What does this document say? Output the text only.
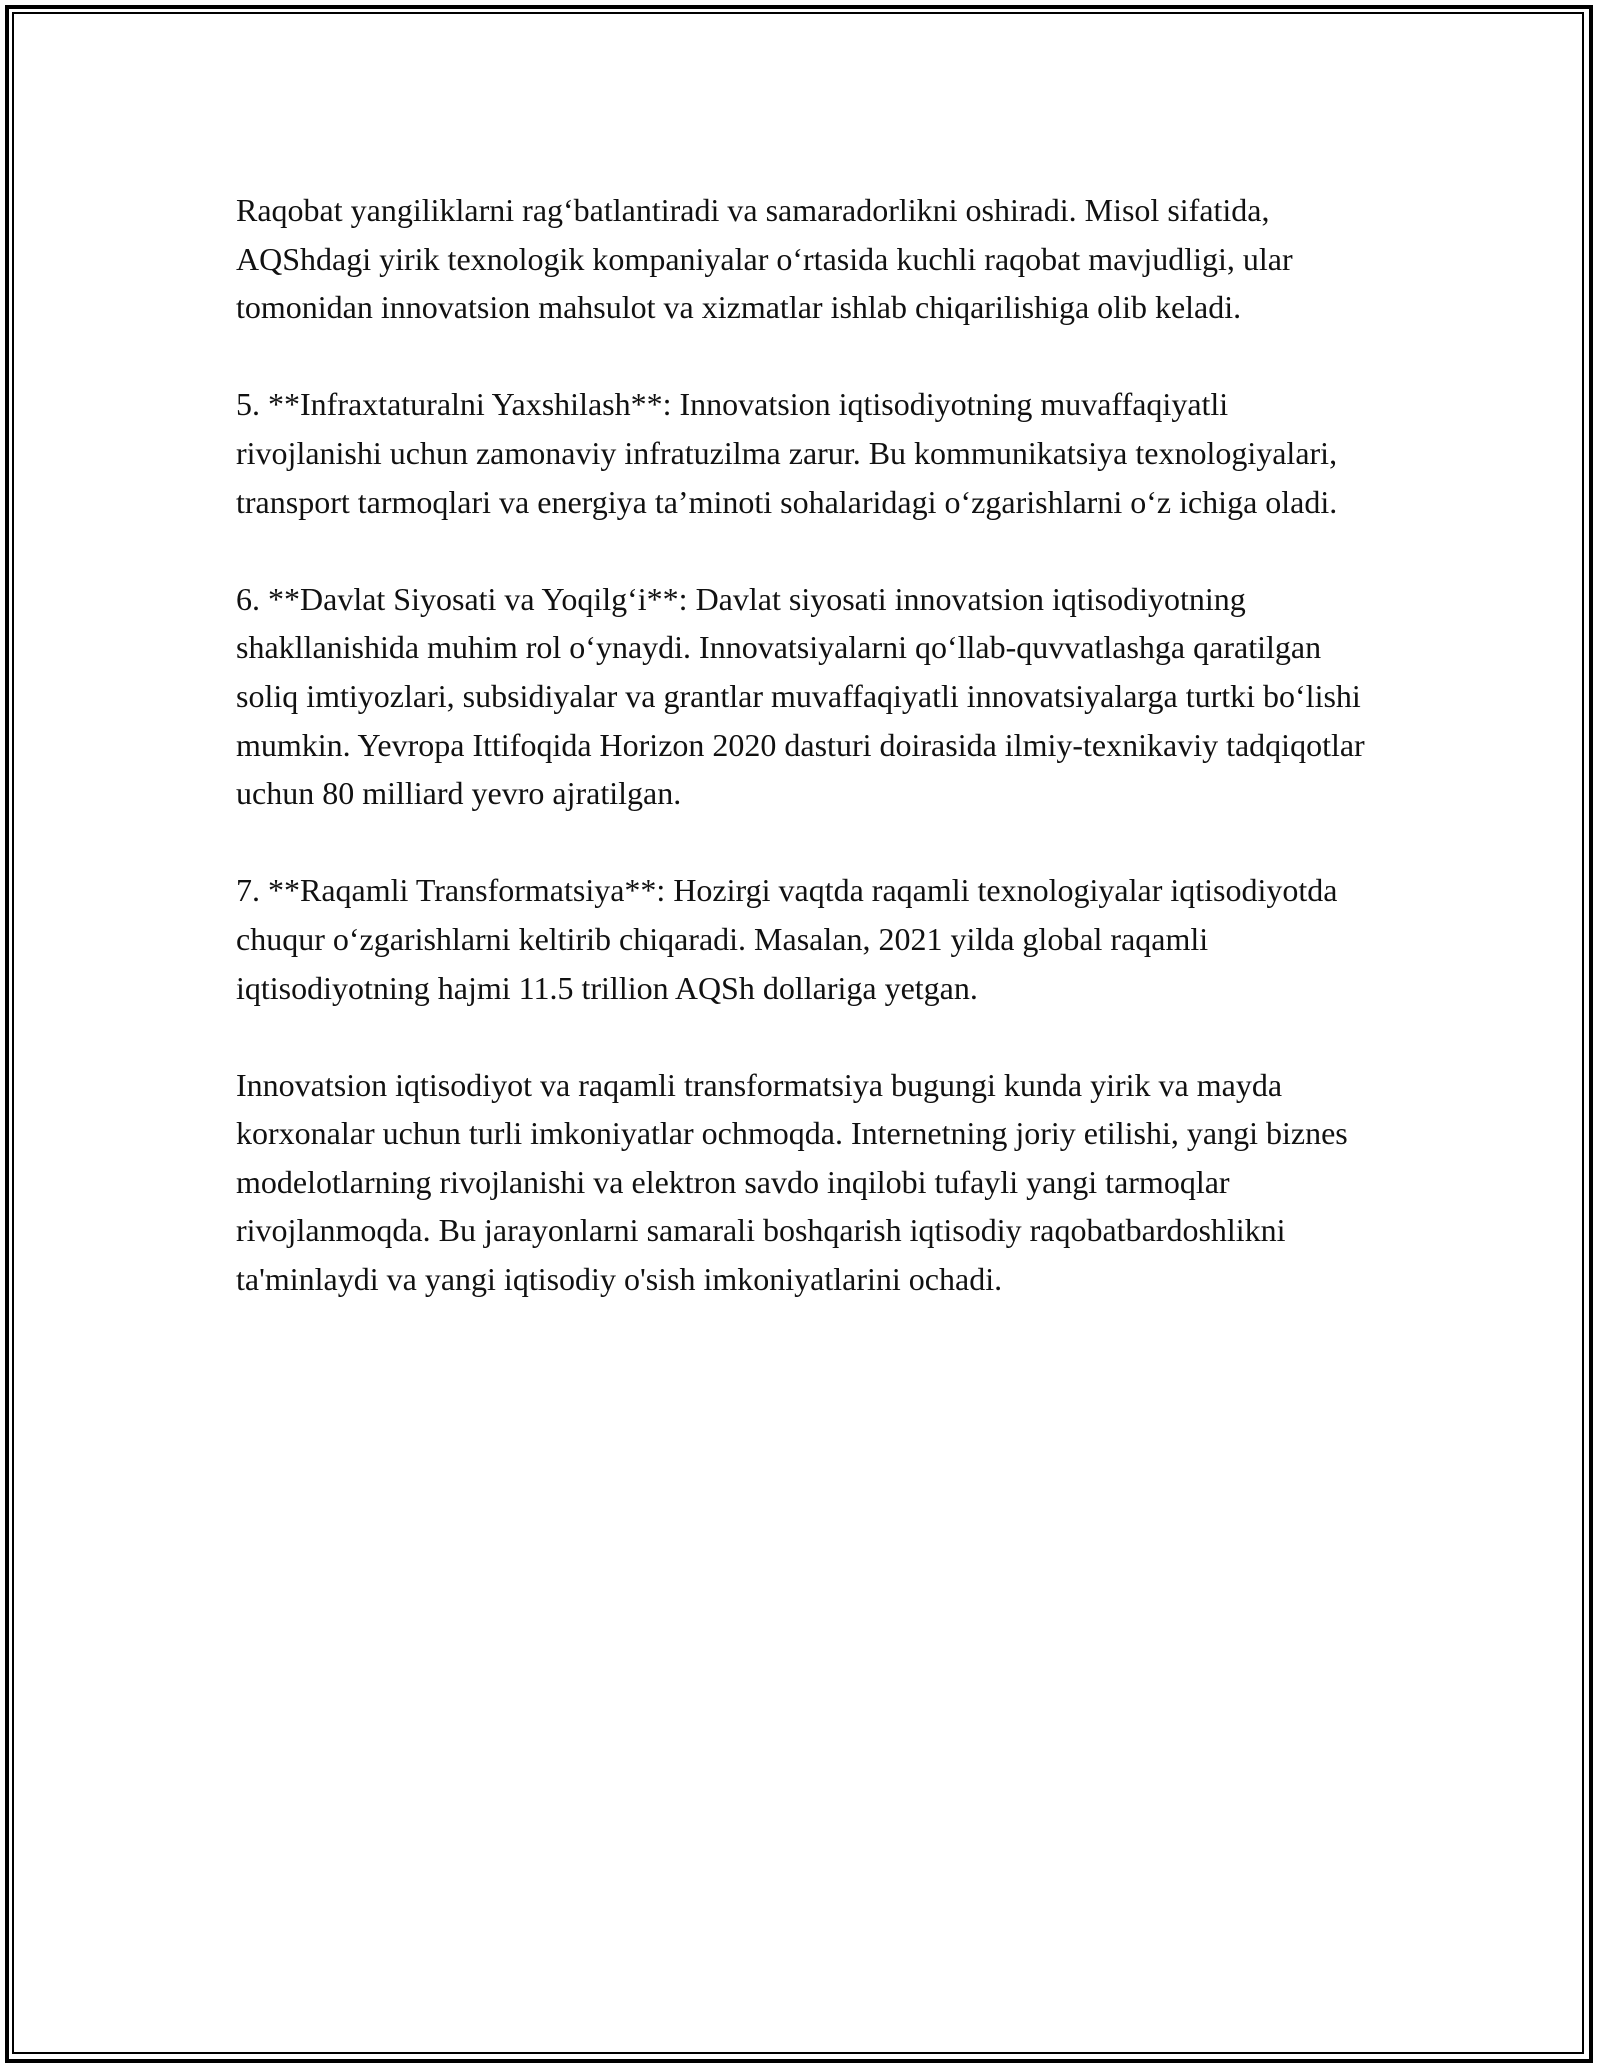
Raqobat yangiliklarni rag‘batlantiradi va samaradorlikni oshiradi. Misol sifatida, AQShdagi yirik texnologik kompaniyalar o‘rtasida kuchli raqobat mavjudligi, ular tomonidan innovatsion mahsulot va xizmatlar ishlab chiqarilishiga olib keladi.

5. **Infraxtaturalni Yaxshilash**: Innovatsion iqtisodiyotning muvaffaqiyatli rivojlanishi uchun zamonaviy infratuzilma zarur. Bu kommunikatsiya texnologiyalari, transport tarmoqlari va energiya ta’minoti sohalaridagi o‘zgarishlarni o‘z ichiga oladi.

6. **Davlat Siyosati va Yoqilg‘i**: Davlat siyosati innovatsion iqtisodiyotning shakllanishida muhim rol o‘ynaydi. Innovatsiyalarni qo‘llab-quvvatlashga qaratilgan soliq imtiyozlari, subsidiyalar va grantlar muvaffaqiyatli innovatsiyalarga turtki bo‘lishi mumkin. Yevropa Ittifoqida Horizon 2020 dasturi doirasida ilmiy-texnikaviy tadqiqotlar uchun 80 milliard yevro ajratilgan.

7. **Raqamli Transformatsiya**: Hozirgi vaqtda raqamli texnologiyalar iqtisodiyotda chuqur o‘zgarishlarni keltirib chiqaradi. Masalan, 2021 yilda global raqamli iqtisodiyotning hajmi 11.5 trillion AQSh dollariga yetgan.

Innovatsion iqtisodiyot va raqamli transformatsiya bugungi kunda yirik va mayda korxonalar uchun turli imkoniyatlar ochmoqda. Internetning joriy etilishi, yangi biznes modelotlarning rivojlanishi va elektron savdo inqilobi tufayli yangi tarmoqlar rivojlanmoqda. Bu jarayonlarni samarali boshqarish iqtisodiy raqobatbardoshlikni ta'minlaydi va yangi iqtisodiy o'sish imkoniyatlarini ochadi.
